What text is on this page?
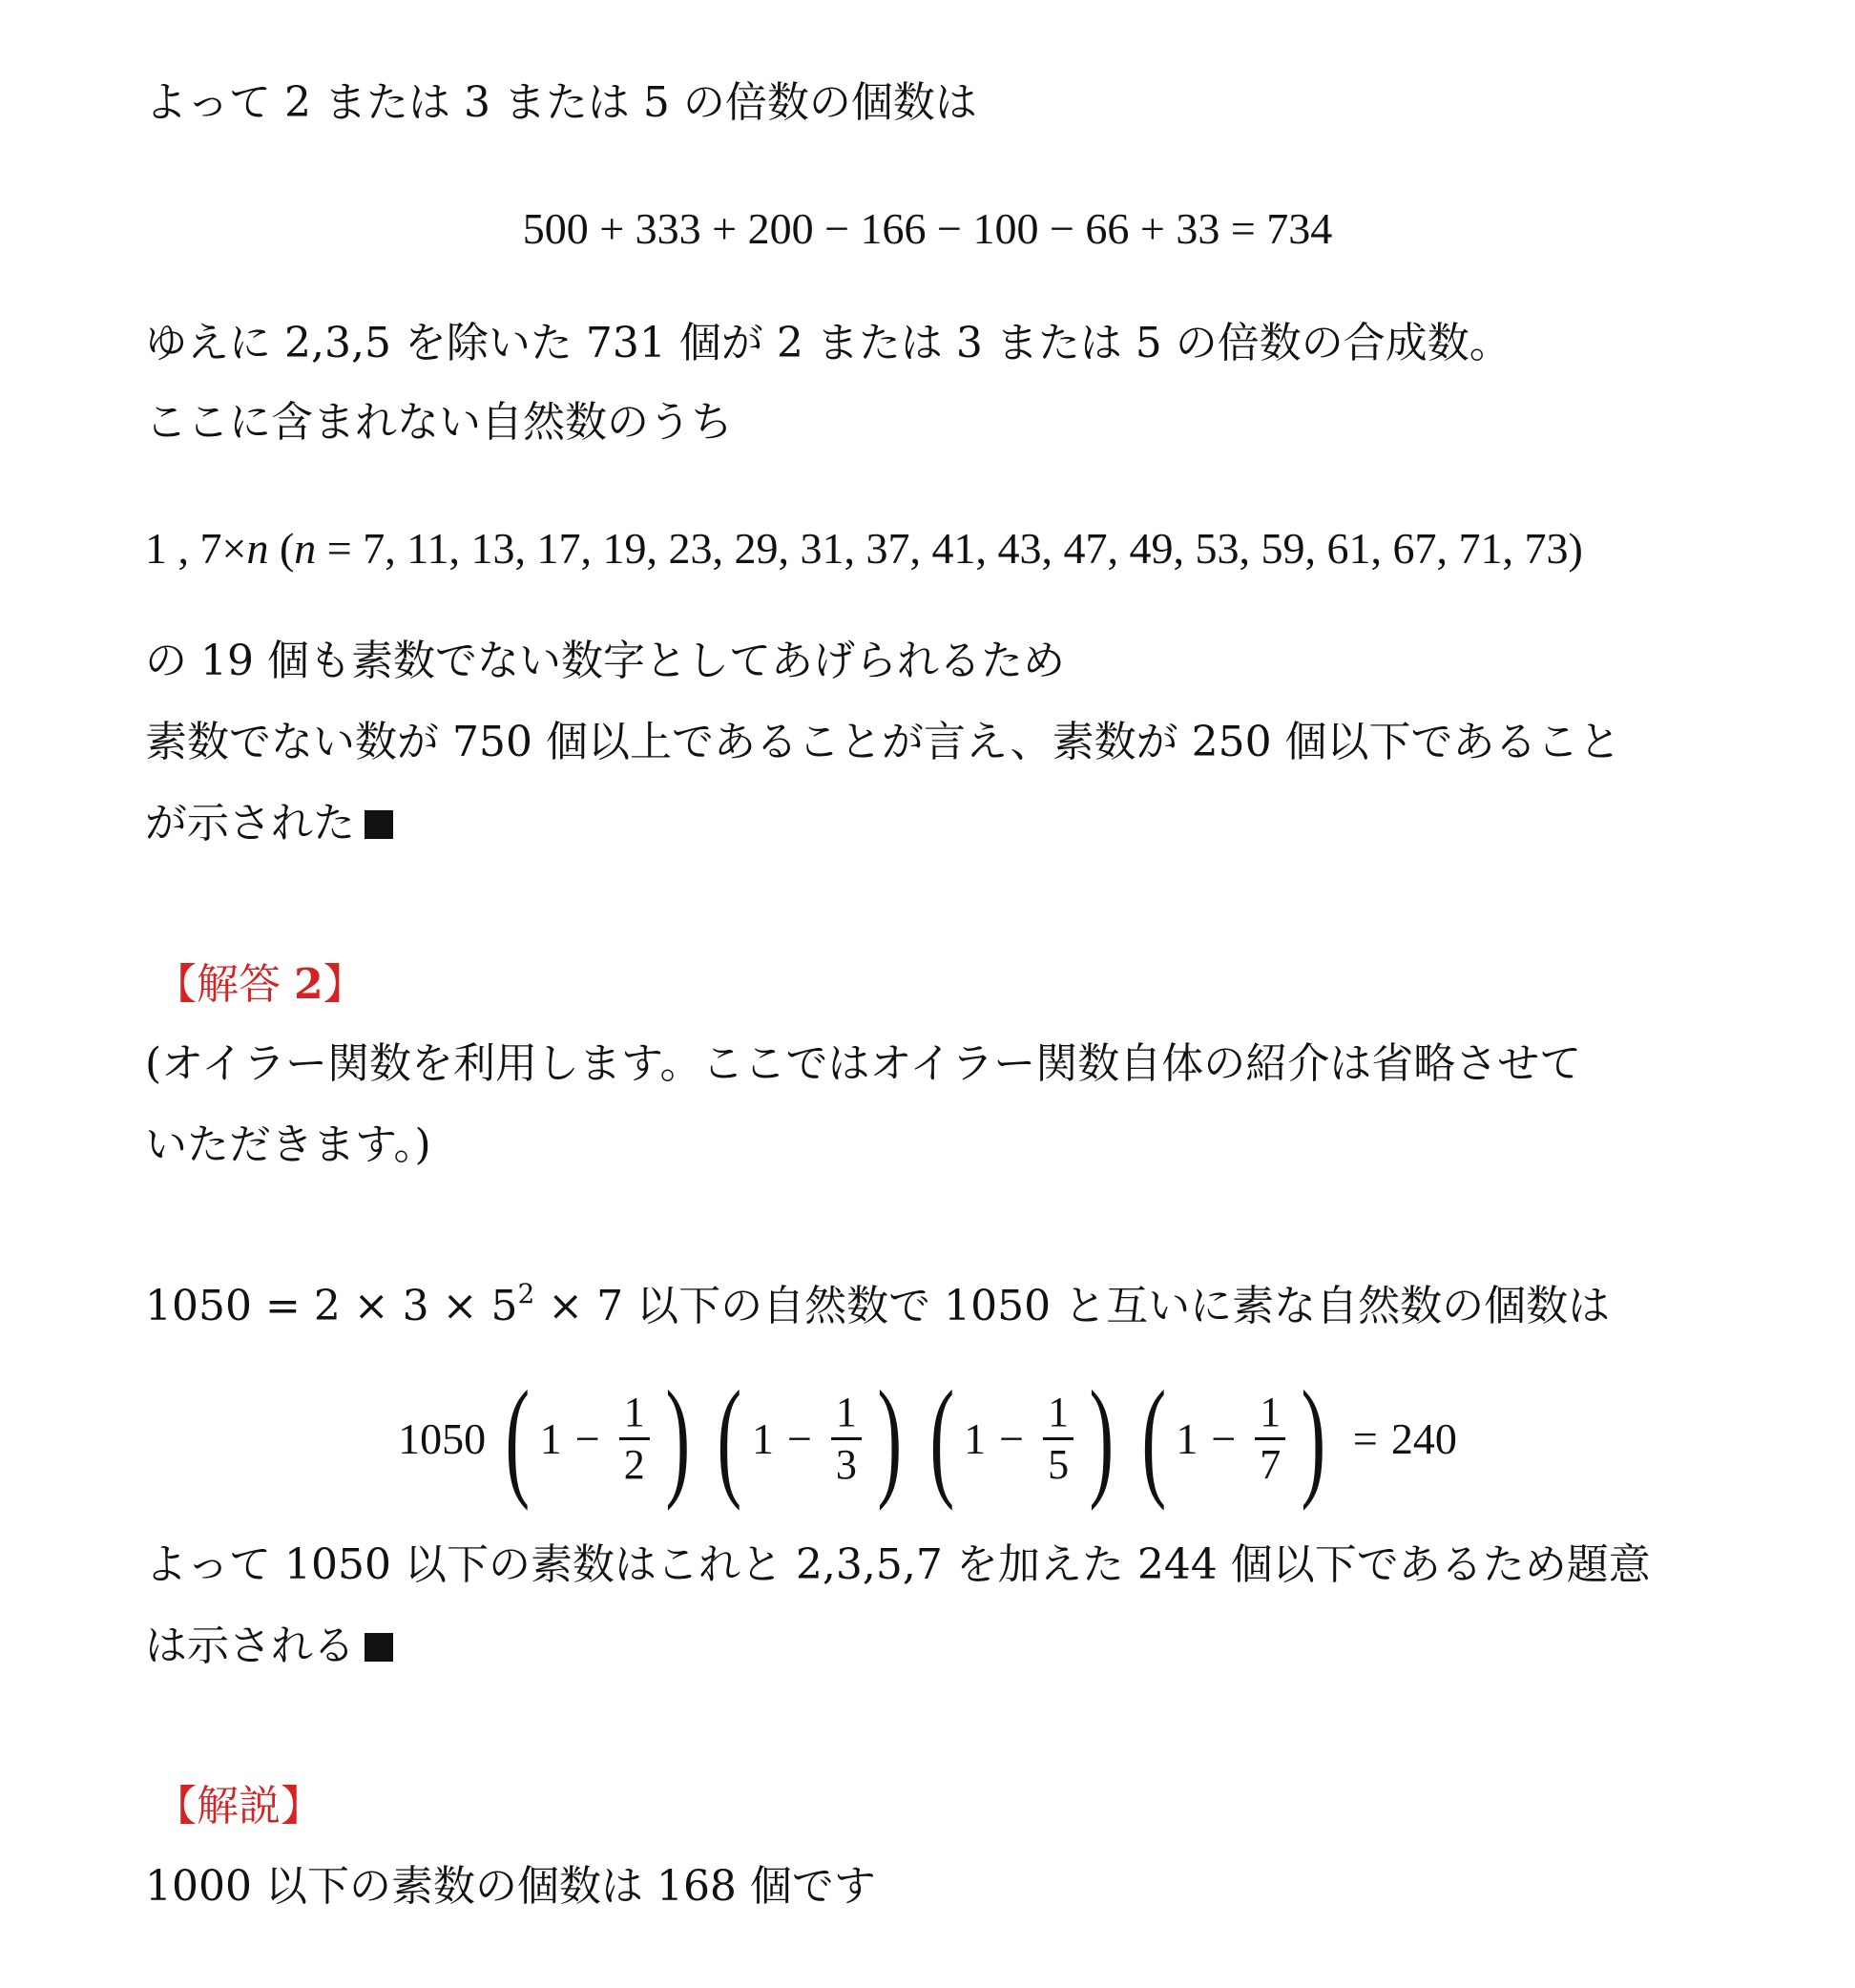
よって 2 または 3 または 5 の倍数の個数は

500 + 333 + 200 − 166 − 100 − 66 + 33 = 734

ゆえに 2,3,5 を除いた 731 個が 2 または 3 または 5 の倍数の合成数。

ここに含まれない自然数のうち

1 , 7×n (n = 7, 11, 13, 17, 19, 23, 29, 31, 37, 41, 43, 47, 49, 53, 59, 61, 67, 71, 73)

の 19 個も素数でない数字としてあげられるため

素数でない数が 750 個以上であることが言え、素数が 250 個以下であること

が示された

【解答 2】

(オイラー関数を利用します。ここではオイラー関数自体の紹介は省略させて

いただきます。)

$1050 = 2 \times 3 \times 5^2 \times 7$ 以下の自然数で 1050 と互いに素な自然数の個数は

1050 ( $1 - \frac{1}{2}$ ) ( $1 - \frac{1}{3}$ ) ( $1 - \frac{1}{5}$ ) ( $1 - \frac{1}{7}$ ) = 240

よって 1050 以下の素数はこれと 2,3,5,7 を加えた 244 個以下であるため題意

は示される

【解説】

1000 以下の素数の個数は 168 個です
